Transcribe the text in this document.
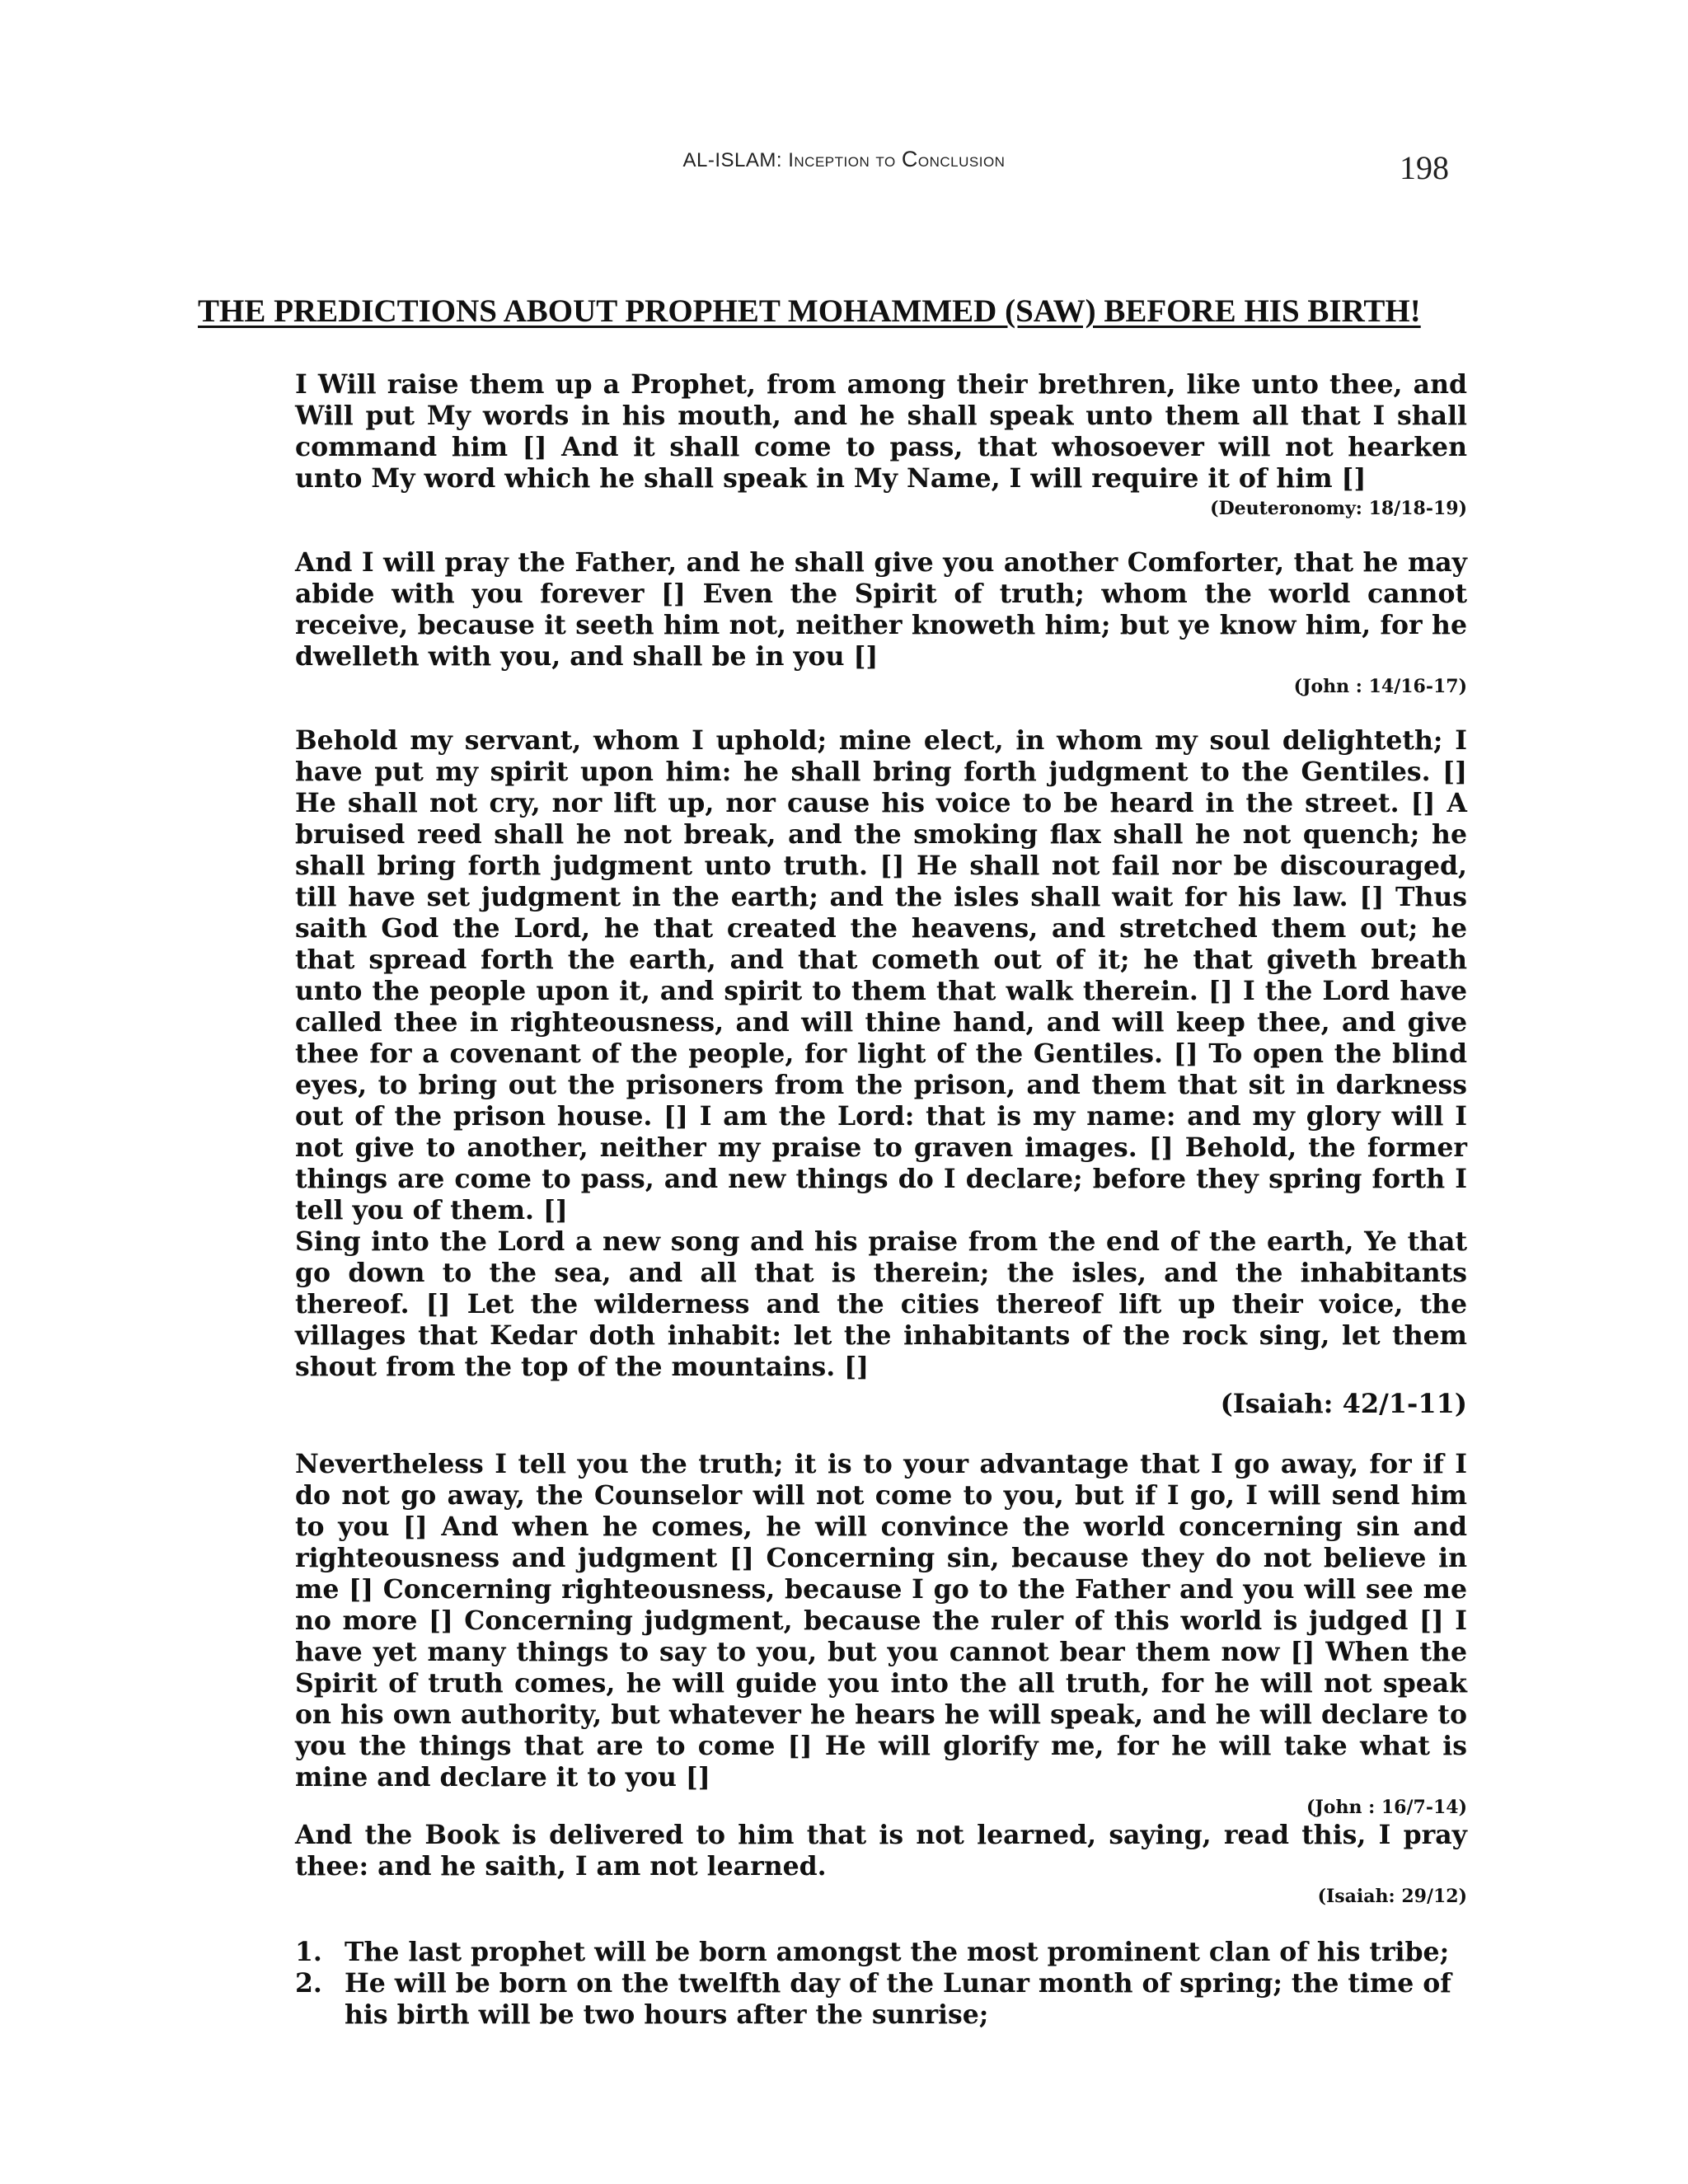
AL-ISLAM: Inception to Conclusion	198
THE PREDICTIONS ABOUT PROPHET MOHAMMED (SAW) BEFORE HIS BIRTH!

I Will raise them up a Prophet, from among their brethren, like unto thee, and Will put My words in his mouth, and he shall speak unto them all that I shall command him [] And it shall come to pass, that whosoever will not hearken unto My word which he shall speak in My Name, I will require it of him []

(Deuteronomy: 18/18-19)

And I will pray the Father, and he shall give you another Comforter, that he may abide with you forever [] Even the Spirit of truth; whom the world cannot receive, because it seeth him not, neither knoweth him; but ye know him, for he dwelleth with you, and shall be in you []

(John : 14/16-17)

Behold my servant, whom I uphold; mine elect, in whom my soul delighteth; I have put my spirit upon him: he shall bring forth judgment to the Gentiles. [] He shall not cry, nor lift up, nor cause his voice to be heard in the street. [] A bruised reed shall he not break, and the smoking flax shall he not quench; he shall bring forth judgment unto truth. [] He shall not fail nor be discouraged, till have set judgment in the earth; and the isles shall wait for his law. [] Thus saith God the Lord, he that created the heavens, and stretched them out; he that spread forth the earth, and that cometh out of it; he that giveth breath unto the people upon it, and spirit to them that walk therein. [] I the Lord have called thee in righteousness, and will thine hand, and will keep thee, and give thee for a covenant of the people, for light of the Gentiles. [] To open the blind eyes, to bring out the prisoners from the prison, and them that sit in darkness out of the prison house. [] I am the Lord: that is my name: and my glory will I not give to another, neither my praise to graven images. [] Behold, the former things are come to pass, and new things do I declare; before they spring forth I tell you of them. []

Sing into the Lord a new song and his praise from the end of the earth, Ye that go down to the sea, and all that is therein; the isles, and the inhabitants thereof. [] Let the wilderness and the cities thereof lift up their voice, the villages that Kedar doth inhabit: let the inhabitants of the rock sing, let them shout from the top of the mountains. []

(Isaiah: 42/1-11)

Nevertheless I tell you the truth; it is to your advantage that I go away, for if I do not go away, the Counselor will not come to you, but if I go, I will send him to you [] And when he comes, he will convince the world concerning sin and righteousness and judgment [] Concerning sin, because they do not believe in me [] Concerning righteousness, because I go to the Father and you will see me no more [] Concerning judgment, because the ruler of this world is judged [] I have yet many things to say to you, but you cannot bear them now [] When the Spirit of truth comes, he will guide you into the all truth, for he will not speak on his own authority, but whatever he hears he will speak, and he will declare to you the things that are to come [] He will glorify me, for he will take what is mine and declare it to you []

(John : 16/7-14)

And the Book is delivered to him that is not learned, saying, read this, I pray thee: and he saith, I am not learned.

(Isaiah: 29/12)

1. The last prophet will be born amongst the most prominent clan of his tribe;
2. He will be born on the twelfth day of the Lunar month of spring; the time of his birth will be two hours after the sunrise;
